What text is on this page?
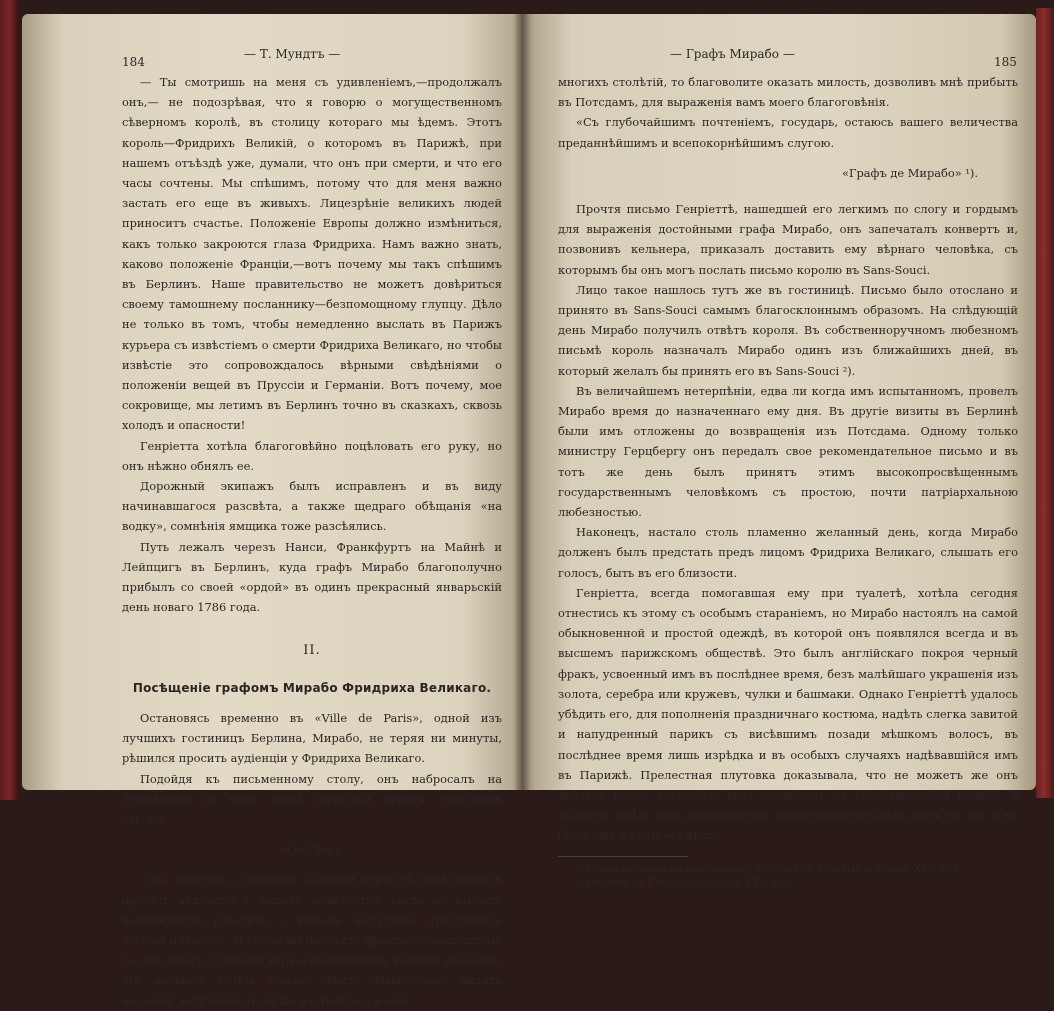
— Т. Мундтъ —
184

— Ты смотришь на меня съ удивленіемъ,—продолжалъ онъ,— не подозрѣвая, что я говорю о могущественномъ сѣверномъ королѣ, въ столицу котораго мы ѣдемъ. Этотъ король—Фридрихъ Великій, о которомъ въ Парижѣ, при нашемъ отъѣздѣ уже, думали, что онъ при смерти, и что его часы сочтены. Мы спѣшимъ, потому что для меня важно застать его еще въ живыхъ. Лицезрѣніе великихъ людей приноситъ счастье. Положеніе Европы должно измѣниться, какъ только закроются глаза Фридриха. Намъ важно знать, каково положеніе Франціи,—вотъ почему мы такъ спѣшимъ въ Берлинъ. Наше правительство не можетъ довѣриться своему тамошнему посланнику—безпомощному глупцу. Дѣло не только въ томъ, чтобы немедленно выслать въ Парижъ курьера съ извѣстіемъ о смерти Фридриха Великаго, но чтобы извѣстіе это сопровождалось вѣрными свѣдѣніями о положеніи вещей въ Пруссіи и Германіи. Вотъ почему, мое сокровище, мы летимъ въ Берлинъ точно въ сказкахъ, сквозь холодъ и опасности!

Генріетта хотѣла благоговѣйно поцѣловать его руку, но онъ нѣжно обнялъ ее.

Дорожный экипажъ былъ исправленъ и въ виду начинавшагося разсвѣта, а также щедраго обѣщанія «на водку», сомнѣнія ямщика тоже разсѣялись.

Путь лежалъ черезъ Нанси, Франкфуртъ на Майнѣ и Лейпцигъ въ Берлинъ, куда графъ Мирабо благополучно прибылъ со своей «ордой» въ одинъ прекрасный январьскій день новаго 1786 года.

II.

Посѣщеніе графомъ Мирабо Фридриха Великаго.

Остановясь временно въ «Ville de Paris», одной изъ лучшихъ гостиницъ Берлина, Мирабо, не теряя ни минуты, рѣшился просить аудіенціи у Фридриха Великаго.

Подойдя къ письменному столу, онъ набросалъ на лежавшемъ на немъ листѣ почтовой бумаги слѣдующія строки:

«Государь,

«Это, конечно, слишкомъ большая дерзость осмѣливаться просить аудіенціи у вашего величества, когда не имѣешь возможности говорить о вещахъ, могущихъ представить особый интересъ. Но если вы простите французу, нашедшему со дня своего рожденія міръ наполненнымъ вашимъ именемъ, его желаніе узрѣть ближе, чѣмъ обыкновенно видятъ королей, величайшаго мужа настоящаго и еще

— Графъ Мирабо —
185

многихъ столѣтій, то благоволите оказать милость, дозволивъ мнѣ прибыть въ Потсдамъ, для выраженія вамъ моего благоговѣнія.

«Съ глубочайшимъ почтеніемъ, государь, остаюсь вашего величества преданнѣйшимъ и всепокорнѣйшимъ слугою.

«Графъ де Мирабо» ¹).

Прочтя письмо Генріеттѣ, нашедшей его легкимъ по слогу и гордымъ для выраженія достойными графа Мирабо, онъ запечаталъ конвертъ и, позвонивъ кельнера, приказалъ доставить ему вѣрнаго человѣка, съ которымъ бы онъ могъ послать письмо королю въ Sans-Souci.

Лицо такое нашлось тутъ же въ гостиницѣ. Письмо было отослано и принято въ Sans-Souci самымъ благосклоннымъ образомъ. На слѣдующій день Мирабо получилъ отвѣтъ короля. Въ собственноручномъ любезномъ письмѣ король назначалъ Мирабо одинъ изъ ближайшихъ дней, въ который желалъ бы принять его въ Sans-Souci ²).

Въ величайшемъ нетерпѣніи, едва ли когда имъ испытанномъ, провелъ Мирабо время до назначеннаго ему дня. Въ другіе визиты въ Берлинѣ были имъ отложены до возвращенія изъ Потсдама. Одному только министру Герцбергу онъ передалъ свое рекомендательное письмо и въ тотъ же день былъ принятъ этимъ высокопросвѣщеннымъ государственнымъ человѣкомъ съ простою, почти патріархальною любезностью.

Наконецъ, настало столь пламенно желанный день, когда Мирабо долженъ былъ предстать предъ лицомъ Фридриха Великаго, слышать его голосъ, быть въ его близости.

Генріетта, всегда помогавшая ему при туалетѣ, хотѣла сегодня отнестись къ этому съ особымъ стараніемъ, но Мирабо настоялъ на самой обыкновенной и простой одеждѣ, въ которой онъ появлялся всегда и въ высшемъ парижскомъ обществѣ. Это былъ англійскаго покроя черный фракъ, усвоенный имъ въ послѣднее время, безъ малѣйшаго украшенія изъ золота, серебра или кружевъ, чулки и башмаки. Однако Генріеттѣ удалось убѣдить его, для пополненія праздничнаго костюма, надѣть слегка завитой и напудренный парикъ съ висѣвшимъ позади мѣшкомъ волосъ, въ послѣднее время лишь изрѣдка и въ особыхъ случаяхъ надѣвавшійся имъ въ Парижѣ. Прелестная плутовка доказывала, что не можетъ же онъ явиться предъ королемъ, какъ сорванецъ съ развѣвающейся гривой, а долженъ имѣть видъ почтеннаго и приличнаго человѣка, хотя бы онъ и не былъ имъ на самомъ дѣлѣ.

¹) Слово въ слово по подлиннику. Oeuvres de Frédéric le Grand, XXV, 323.

²) Oeuvres de Frédéric le Grand, XXV, 323.
